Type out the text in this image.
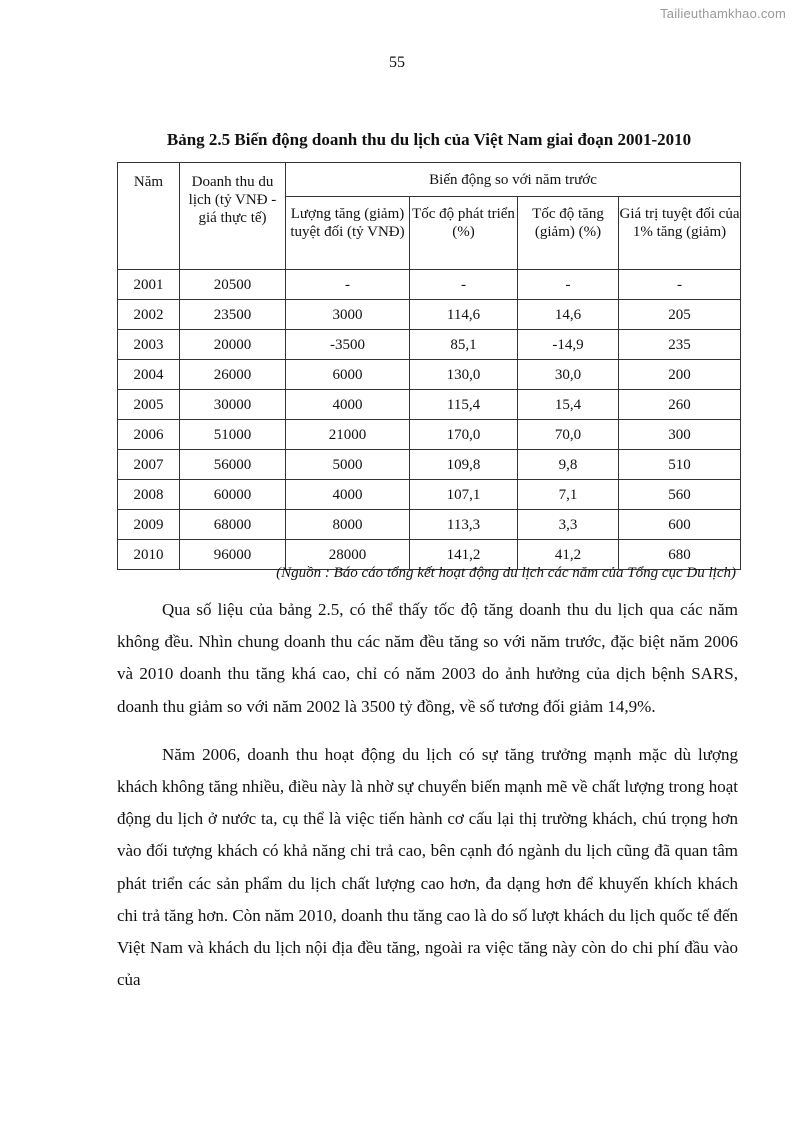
Tailieuthamkhao.com
55
Bảng 2.5 Biến động doanh thu du lịch của Việt Nam giai đoạn 2001-2010
Năm	Doanh thu du lịch (tỷ VNĐ - giá thực tế)	Biến động so với năm trước			
		Lượng tăng (giảm) tuyệt đối (tỷ VNĐ)	Tốc độ phát triển (%)	Tốc độ tăng (giảm) (%)	Giá trị tuyệt đối của 1% tăng (giảm)
2001	20500	-	-	-	-
2002	23500	3000	114,6	14,6	205
2003	20000	-3500	85,1	-14,9	235
2004	26000	6000	130,0	30,0	200
2005	30000	4000	115,4	15,4	260
2006	51000	21000	170,0	70,0	300
2007	56000	5000	109,8	9,8	510
2008	60000	4000	107,1	7,1	560
2009	68000	8000	113,3	3,3	600
2010	96000	28000	141,2	41,2	680
(Nguồn : Báo cáo tổng kết hoạt động du lịch các năm của Tổng cục Du lịch)

Qua số liệu của bảng 2.5, có thể thấy tốc độ tăng doanh thu du lịch qua các năm không đều. Nhìn chung doanh thu các năm đều tăng so với năm trước, đặc biệt năm 2006 và 2010 doanh thu tăng khá cao, chỉ có năm 2003 do ảnh hưởng của dịch bệnh SARS, doanh thu giảm so với năm 2002 là 3500 tỷ đồng, về số tương đối giảm 14,9%.

Năm 2006, doanh thu hoạt động du lịch có sự tăng trưởng mạnh mặc dù lượng khách không tăng nhiều, điều này là nhờ sự chuyển biến mạnh mẽ về chất lượng trong hoạt động du lịch ở nước ta, cụ thể là việc tiến hành cơ cấu lại thị trường khách, chú trọng hơn vào đối tượng khách có khả năng chi trả cao, bên cạnh đó ngành du lịch cũng đã quan tâm phát triển các sản phẩm du lịch chất lượng cao hơn, đa dạng hơn để khuyến khích khách chi trả tăng hơn. Còn năm 2010, doanh thu tăng cao là do số lượt khách du lịch quốc tế đến Việt Nam và khách du lịch nội địa đều tăng, ngoài ra việc tăng này còn do chi phí đầu vào của
